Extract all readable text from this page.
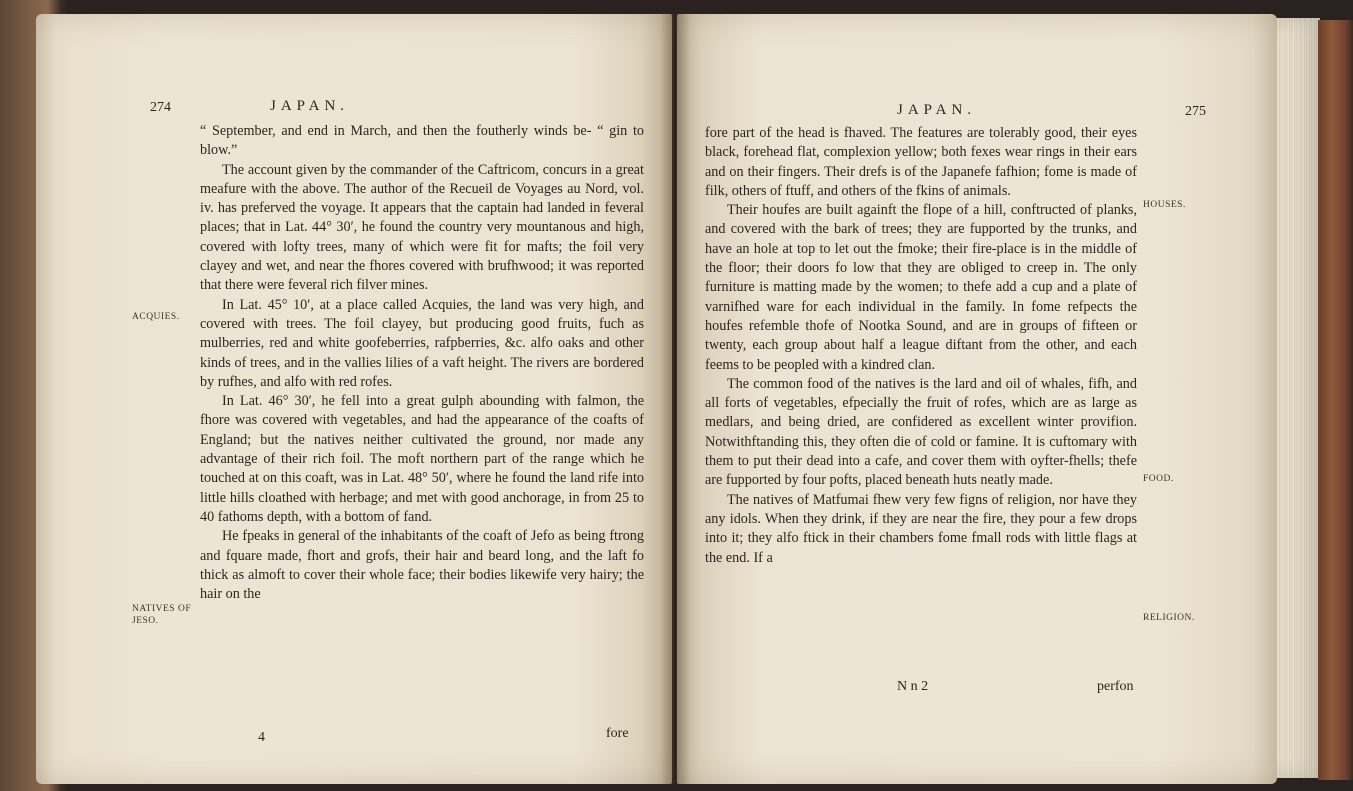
274	JAPAN.

“ September, and end in March, and then the foutherly winds be- “ gin to blow.”

The account given by the commander of the Caftricom, concurs in a great meafure with the above. The author of the Recueil de Voyages au Nord, vol. iv. has preferved the voyage. It appears that the captain had landed in feveral places; that in Lat. 44° 30′, he found the country very mountanous and high, covered with lofty trees, many of which were fit for mafts; the foil very clayey and wet, and near the fhores covered with brufhwood; it was reported that there were feveral rich filver mines.

In Lat. 45° 10′, at a place called Acquies, the land was very high, and covered with trees. The foil clayey, but producing good fruits, fuch as mulberries, red and white goofeberries, rafpberries, &c. alfo oaks and other kinds of trees, and in the vallies lilies of a vaft height. The rivers are bordered by rufhes, and alfo with red rofes.

In Lat. 46° 30′, he fell into a great gulph abounding with falmon, the fhore was covered with vegetables, and had the appearance of the coafts of England; but the natives neither cultivated the ground, nor made any advantage of their rich foil. The moft northern part of the range which he touched at on this coaft, was in Lat. 48° 50′, where he found the land rife into little hills cloathed with herbage; and met with good anchorage, in from 25 to 40 fathoms depth, with a bottom of fand.

He fpeaks in general of the inhabitants of the coaft of Jefo as being ftrong and fquare made, fhort and grofs, their hair and beard long, and the laft fo thick as almoft to cover their whole face; their bodies likewife very hairy; the hair on the

ACQUIES.
NATIVES OF JESO.
4	fore
JAPAN.	275

fore part of the head is fhaved. The features are tolerably good, their eyes black, forehead flat, complexion yellow; both fexes wear rings in their ears and on their fingers. Their drefs is of the Japanefe fafhion; fome is made of filk, others of ftuff, and others of the fkins of animals.

Their houfes are built againft the flope of a hill, conftructed of planks, and covered with the bark of trees; they are fupported by the trunks, and have an hole at top to let out the fmoke; their fire-place is in the middle of the floor; their doors fo low that they are obliged to creep in. The only furniture is matting made by the women; to thefe add a cup and a plate of varnifhed ware for each individual in the family. In fome refpects the houfes refemble thofe of Nootka Sound, and are in groups of fifteen or twenty, each group about half a league diftant from the other, and each feems to be peopled with a kindred clan.

The common food of the natives is the lard and oil of whales, fifh, and all forts of vegetables, efpecially the fruit of rofes, which are as large as medlars, and being dried, are confidered as excellent winter provifion. Notwithftanding this, they often die of cold or famine. It is cuftomary with them to put their dead into a cafe, and cover them with oyfter-fhells; thefe are fupported by four pofts, placed beneath huts neatly made.

The natives of Matfumai fhew very few figns of religion, nor have they any idols. When they drink, if they are near the fire, they pour a few drops into it; they alfo ftick in their chambers fome fmall rods with little flags at the end. If a

HOUSES.
FOOD.
RELIGION.
N n 2	perfon
